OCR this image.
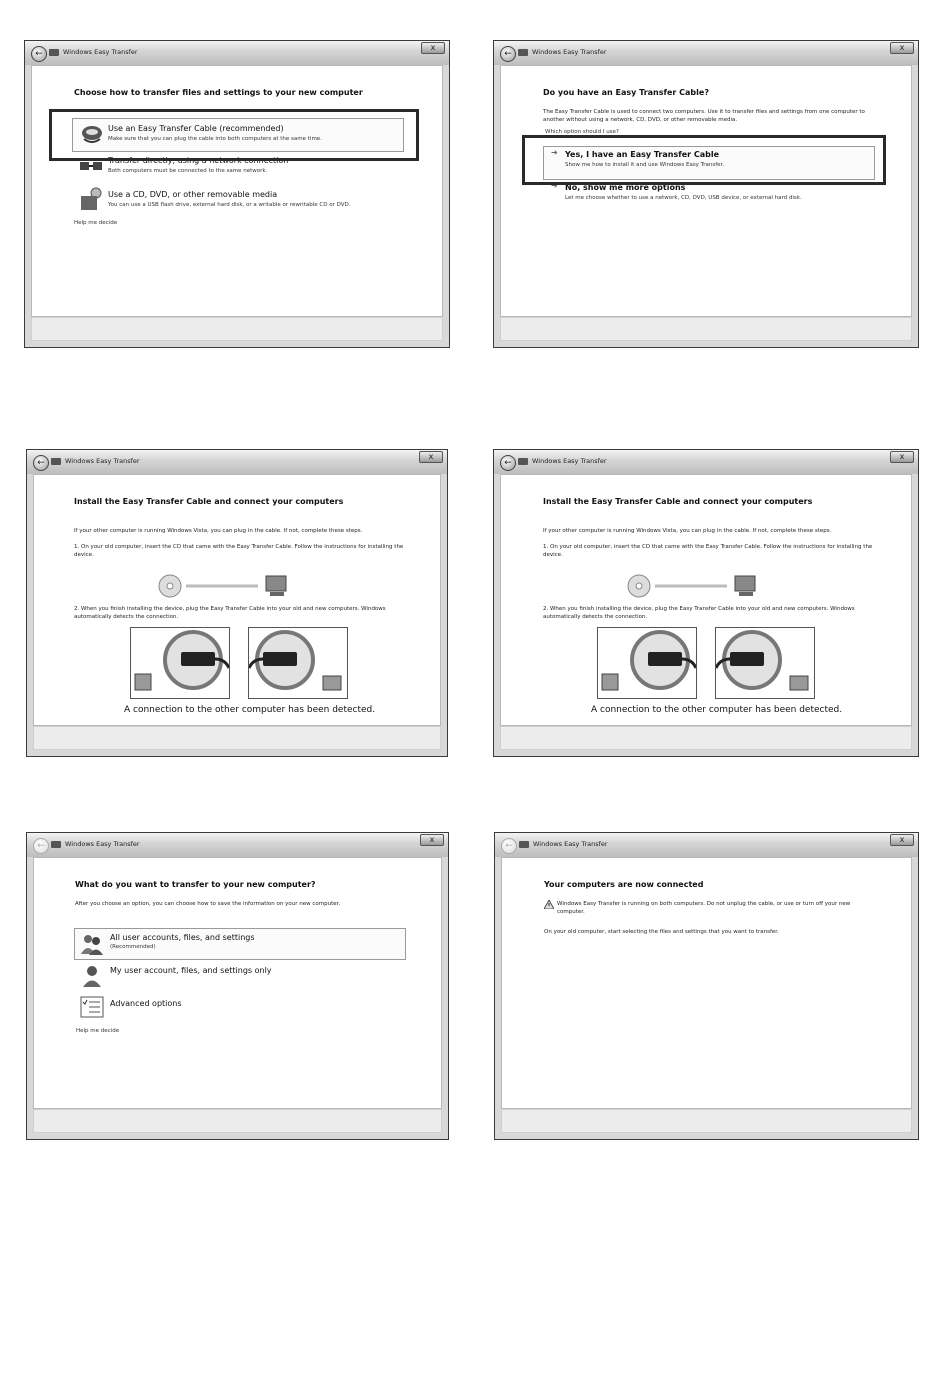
←	Windows Easy Transfer	x
Choose how to transfer files and settings to your new computer
Use an Easy Transfer Cable (recommended)
Make sure that you can plug the cable into both computers at the same time.
Transfer directly, using a network connection
Both computers must be connected to the same network.
Use a CD, DVD, or other removable media
You can use a USB flash drive, external hard disk, or a writable or rewritable CD or DVD.
Help me decide
←	Windows Easy Transfer	x
Do you have an Easy Transfer Cable?
The Easy Transfer Cable is used to connect two computers. Use it to transfer files and settings from one computer to another without using a network, CD, DVD, or other removable media.
Which option should I use?
➜ Yes, I have an Easy Transfer Cable
Show me how to install it and use Windows Easy Transfer.
➜ No, show me more options
Let me choose whether to use a network, CD, DVD, USB device, or external hard disk.
←	Windows Easy Transfer	x
Install the Easy Transfer Cable and connect your computers
If your other computer is running Windows Vista, you can plug in the cable. If not, complete these steps.
1. On your old computer, insert the CD that came with the Easy Transfer Cable. Follow the instructions for installing the device.
2. When you finish installing the device, plug the Easy Transfer Cable into your old and new computers. Windows automatically detects the connection.
A connection to the other computer has been detected.
←	Windows Easy Transfer	x
Install the Easy Transfer Cable and connect your computers
If your other computer is running Windows Vista, you can plug in the cable. If not, complete these steps.
1. On your old computer, insert the CD that came with the Easy Transfer Cable. Follow the instructions for installing the device.
2. When you finish installing the device, plug the Easy Transfer Cable into your old and new computers. Windows automatically detects the connection.
A connection to the other computer has been detected.
←	Windows Easy Transfer	x
What do you want to transfer to your new computer?
After you choose an option, you can choose how to save the information on your new computer.
All user accounts, files, and settings
(Recommended)
My user account, files, and settings only
Advanced options
Help me decide
←	Windows Easy Transfer	x
Your computers are now connected
Windows Easy Transfer is running on both computers. Do not unplug the cable, or use or turn off your new computer.
On your old computer, start selecting the files and settings that you want to transfer.
